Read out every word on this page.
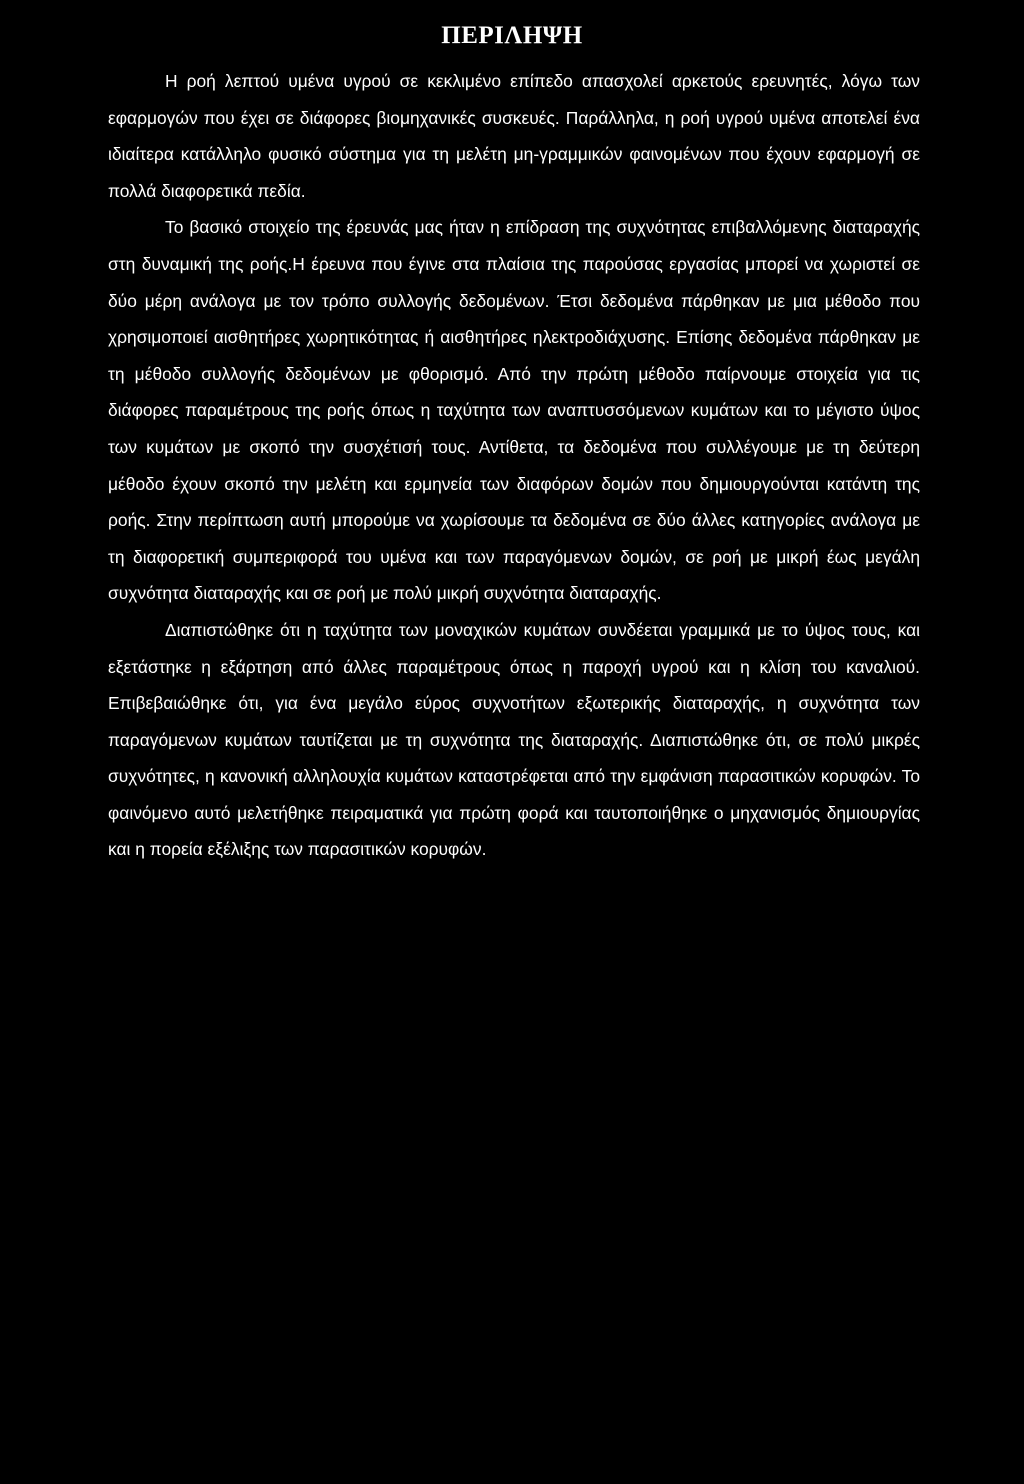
ΠΕΡΙΛΗΨΗ

Η ροή λεπτού υμένα υγρού σε κεκλιμένο επίπεδο απασχολεί αρκετούς ερευνητές, λόγω των εφαρμογών που έχει σε διάφορες βιομηχανικές συσκευές. Παράλληλα, η ροή υγρού υμένα αποτελεί ένα ιδιαίτερα κατάλληλο φυσικό σύστημα για τη μελέτη μη-γραμμικών φαινομένων που έχουν εφαρμογή σε πολλά διαφορετικά πεδία.

Το βασικό στοιχείο της έρευνάς μας ήταν η επίδραση της συχνότητας επιβαλλόμενης διαταραχής στη δυναμική της ροής.Η έρευνα που έγινε στα πλαίσια της παρούσας εργασίας μπορεί να χωριστεί σε δύο μέρη ανάλογα με τον τρόπο συλλογής δεδομένων. Έτσι δεδομένα πάρθηκαν με μια μέθοδο που χρησιμοποιεί αισθητήρες χωρητικότητας ή αισθητήρες ηλεκτροδιάχυσης. Επίσης δεδομένα πάρθηκαν με τη μέθοδο συλλογής δεδομένων με φθορισμό. Από την πρώτη μέθοδο παίρνουμε στοιχεία για τις διάφορες παραμέτρους της ροής όπως η ταχύτητα των αναπτυσσόμενων κυμάτων και το μέγιστο ύψος των κυμάτων με σκοπό την συσχέτισή τους. Αντίθετα, τα δεδομένα που συλλέγουμε με τη δεύτερη μέθοδο έχουν σκοπό την μελέτη και ερμηνεία των διαφόρων δομών που δημιουργούνται κατάντη της ροής. Στην περίπτωση αυτή μπορούμε να χωρίσουμε τα δεδομένα σε δύο άλλες κατηγορίες ανάλογα με τη διαφορετική συμπεριφορά του υμένα και των παραγόμενων δομών, σε ροή με μικρή έως μεγάλη συχνότητα διαταραχής και σε ροή με πολύ μικρή συχνότητα διαταραχής.

Διαπιστώθηκε ότι η ταχύτητα των μοναχικών κυμάτων συνδέεται γραμμικά με το ύψος τους, και εξετάστηκε η εξάρτηση από άλλες παραμέτρους όπως η παροχή υγρού και η κλίση του καναλιού. Επιβεβαιώθηκε ότι, για ένα μεγάλο εύρος συχνοτήτων εξωτερικής διαταραχής, η συχνότητα των παραγόμενων κυμάτων ταυτίζεται με τη συχνότητα της διαταραχής. Διαπιστώθηκε ότι, σε πολύ μικρές συχνότητες, η κανονική αλληλουχία κυμάτων καταστρέφεται από την εμφάνιση παρασιτικών κορυφών. Το φαινόμενο αυτό μελετήθηκε πειραματικά για πρώτη φορά και ταυτοποιήθηκε ο μηχανισμός δημιουργίας και η πορεία εξέλιξης των παρασιτικών κορυφών.
